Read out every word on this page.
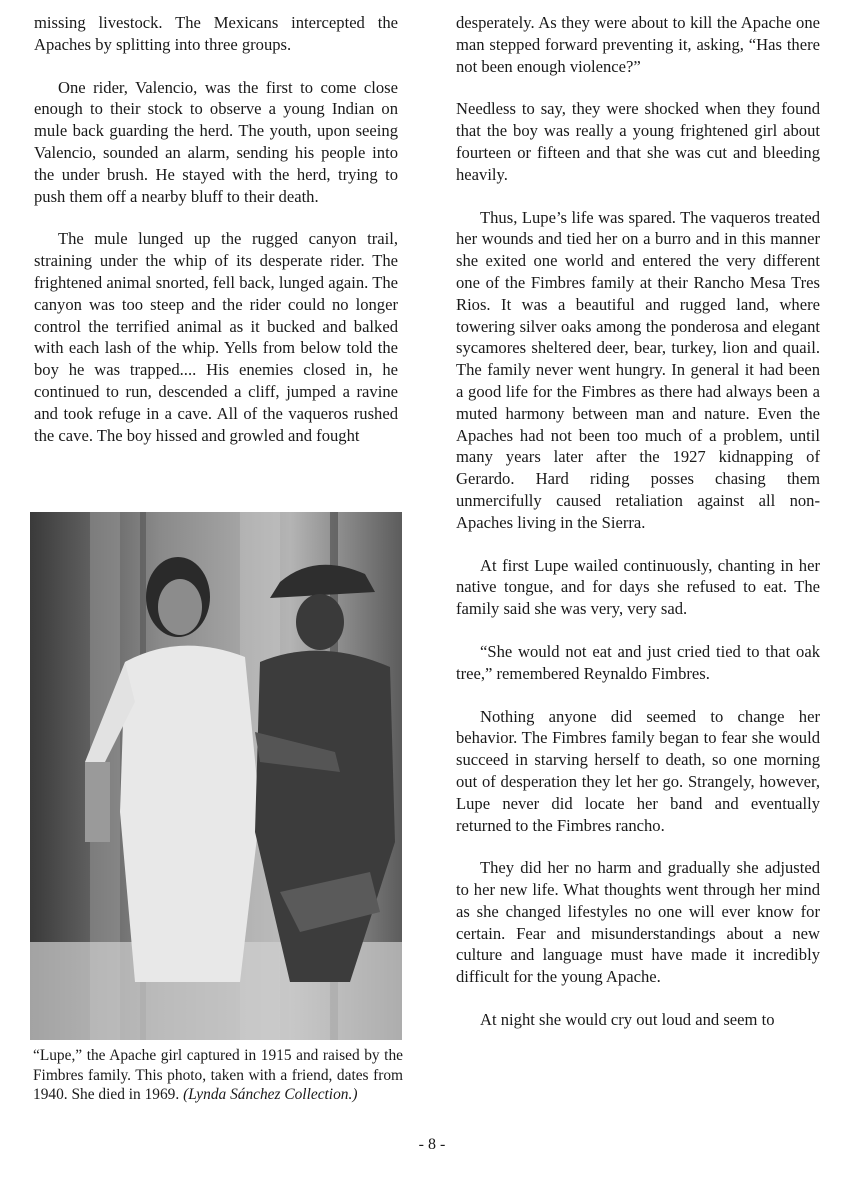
missing livestock. The Mexicans intercepted the Apaches by splitting into three groups.

One rider, Valencio, was the first to come close enough to their stock to observe a young Indian on mule back guarding the herd. The youth, upon seeing Valencio, sounded an alarm, sending his people into the under brush. He stayed with the herd, trying to push them off a nearby bluff to their death.

The mule lunged up the rugged canyon trail, straining under the whip of its desperate rider. The frightened animal snorted, fell back, lunged again. The canyon was too steep and the rider could no longer control the terrified animal as it bucked and balked with each lash of the whip. Yells from below told the boy he was trapped.... His enemies closed in, he continued to run, descended a cliff, jumped a ravine and took refuge in a cave. All of the vaqueros rushed the cave. The boy hissed and growled and fought

“Lupe,” the Apache girl captured in 1915 and raised by the Fimbres family. This photo, taken with a friend, dates from 1940. She died in 1969. (Lynda Sánchez Collection.)

desperately. As they were about to kill the Apache one man stepped forward preventing it, asking, “Has there not been enough violence?”

Needless to say, they were shocked when they found that the boy was really a young frightened girl about fourteen or fifteen and that she was cut and bleeding heavily.

Thus, Lupe’s life was spared. The vaqueros treated her wounds and tied her on a burro and in this manner she exited one world and entered the very different one of the Fimbres family at their Rancho Mesa Tres Rios. It was a beautiful and rugged land, where towering silver oaks among the ponderosa and elegant sycamores sheltered deer, bear, turkey, lion and quail. The family never went hungry. In general it had been a good life for the Fimbres as there had always been a muted harmony between man and nature. Even the Apaches had not been too much of a problem, until many years later after the 1927 kidnapping of Gerardo. Hard riding posses chasing them unmercifully caused retaliation against all non-Apaches living in the Sierra.

At first Lupe wailed continuously, chanting in her native tongue, and for days she refused to eat. The family said she was very, very sad.

“She would not eat and just cried tied to that oak tree,” remembered Reynaldo Fimbres.

Nothing anyone did seemed to change her behavior. The Fimbres family began to fear she would succeed in starving herself to death, so one morning out of desperation they let her go. Strangely, however, Lupe never did locate her band and eventually returned to the Fimbres rancho.

They did her no harm and gradually she adjusted to her new life. What thoughts went through her mind as she changed lifestyles no one will ever know for certain. Fear and misunderstandings about a new culture and language must have made it incredibly difficult for the young Apache.

At night she would cry out loud and seem to

- 8 -
